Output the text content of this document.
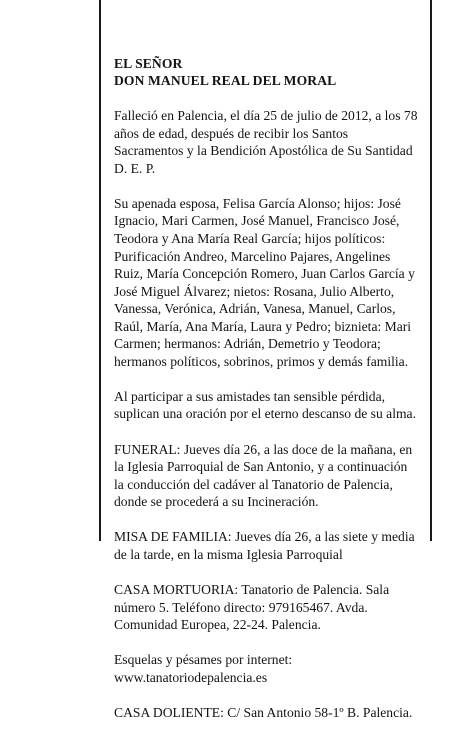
EL SEÑOR
DON MANUEL REAL DEL MORAL

Falleció en Palencia, el día 25 de julio de 2012, a los 78
años de edad, después de recibir los Santos
Sacramentos y la Bendición Apostólica de Su Santidad
D. E. P.

Su apenada esposa, Felisa García Alonso; hijos: José
Ignacio, Mari Carmen, José Manuel, Francisco José,
Teodora y Ana María Real García; hijos políticos:
Purificación Andreo, Marcelino Pajares, Angelines
Ruiz, María Concepción Romero, Juan Carlos García y
José Miguel Álvarez; nietos: Rosana, Julio Alberto,
Vanessa, Verónica, Adrián, Vanesa, Manuel, Carlos,
Raúl, María, Ana María, Laura y Pedro; biznieta: Mari
Carmen; hermanos: Adrián, Demetrio y Teodora;
hermanos políticos, sobrinos, primos y demás familia.

Al participar a sus amistades tan sensible pérdida,
suplican una oración por el eterno descanso de su alma.

FUNERAL: Jueves día 26, a las doce de la mañana, en
la Iglesia Parroquial de San Antonio, y a continuación
la conducción del cadáver al Tanatorio de Palencia,
donde se procederá a su Incineración.

MISA DE FAMILIA: Jueves día 26, a las siete y media
de la tarde, en la misma Iglesia Parroquial

CASA MORTUORIA: Tanatorio de Palencia. Sala
número 5. Teléfono directo: 979165467. Avda.
Comunidad Europea, 22-24. Palencia.

Esquelas y pésames por internet:
www.tanatoriodepalencia.es

CASA DOLIENTE: C/ San Antonio 58-1º B. Palencia.
